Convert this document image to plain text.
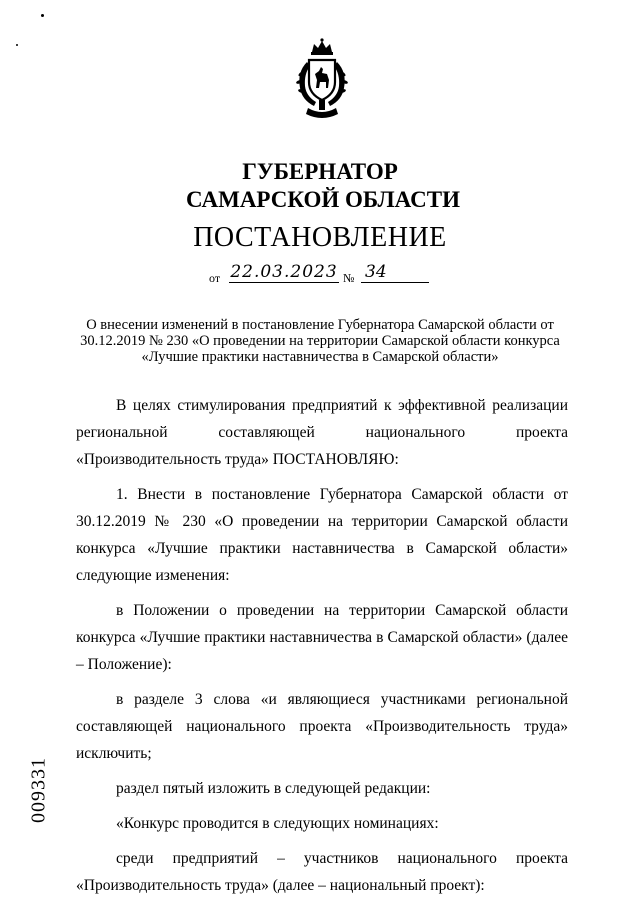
ГУБЕРНАТОР
САМАРСКОЙ ОБЛАСТИ
ПОСТАНОВЛЕНИЕ
от 22.03.2023 № 34
О внесении изменений в постановление Губернатора Самарской области от 30.12.2019 № 230 «О проведении на территории Самарской области конкурса «Лучшие практики наставничества в Самарской области»

В целях стимулирования предприятий к эффективной реализации региональной составляющей национального проекта «Производительность труда» ПОСТАНОВЛЯЮ:

1. Внести в постановление Губернатора Самарской области от 30.12.2019 № 230 «О проведении на территории Самарской области конкурса «Лучшие практики наставничества в Самарской области» следующие изменения:

в Положении о проведении на территории Самарской области конкурса «Лучшие практики наставничества в Самарской области» (далее – Положение):

в разделе 3 слова «и являющиеся участниками региональной составляющей национального проекта «Производительность труда» исключить;

раздел пятый изложить в следующей редакции:

«Конкурс проводится в следующих номинациях:

среди предприятий – участников национального проекта «Производительность труда» (далее – национальный проект):

009331
